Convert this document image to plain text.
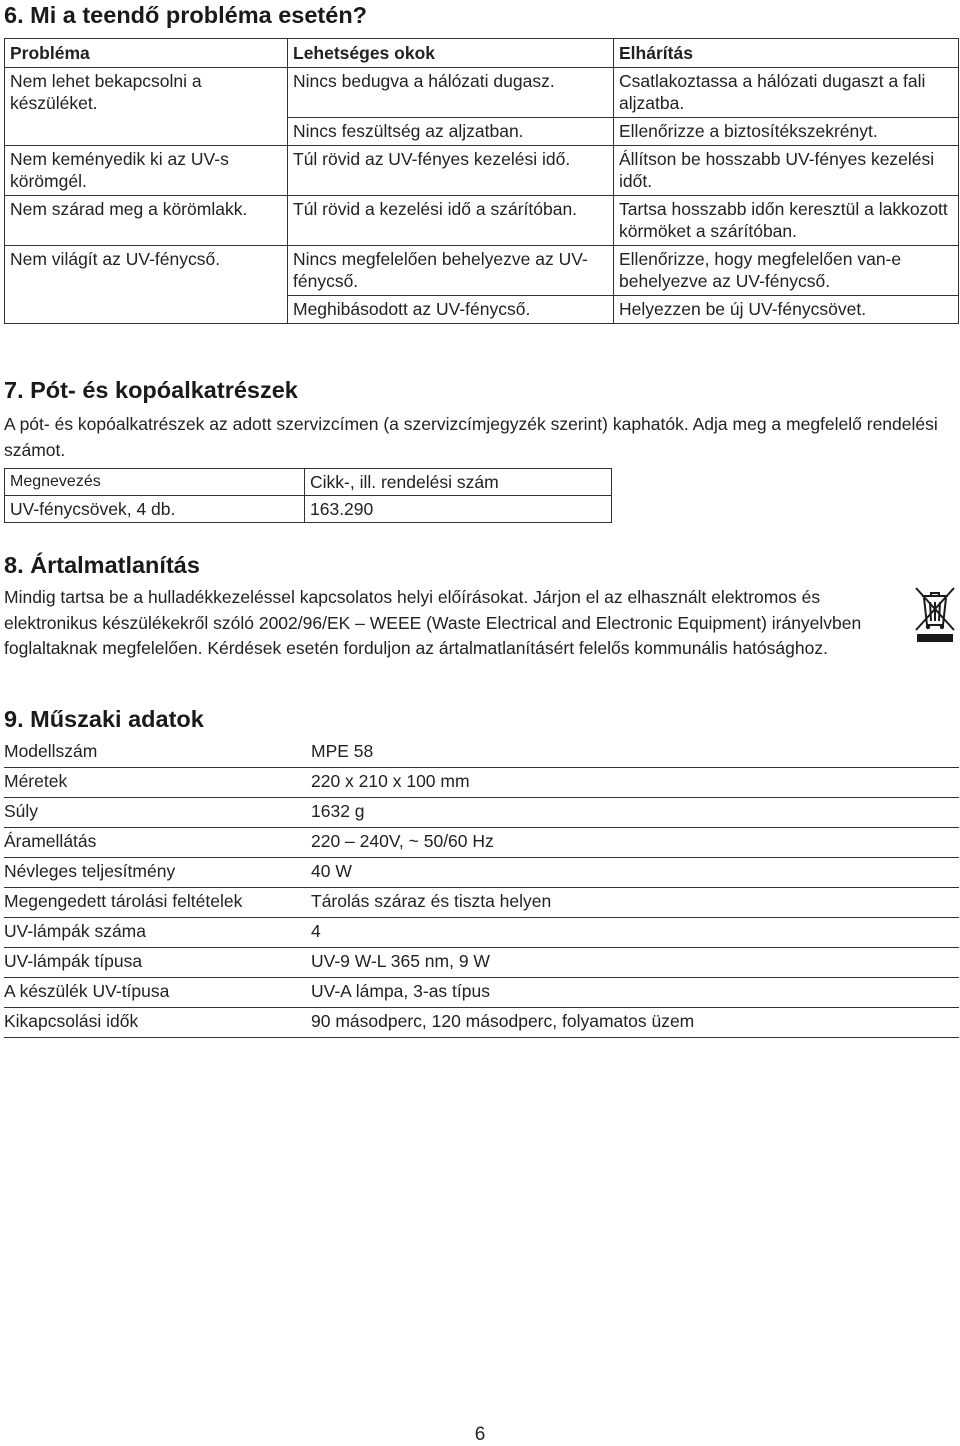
6. Mi a teendő probléma esetén?
Probléma	Lehetséges okok	Elhárítás
Nem lehet bekapcsolni a készüléket.	Nincs bedugva a hálózati dugasz.	Csatlakoztassa a hálózati dugaszt a fali aljzatba.
	Nincs feszültség az aljzatban.	Ellenőrizze a biztosítékszekrényt.
Nem keményedik ki az UV-s körömgél.	Túl rövid az UV-fényes kezelési idő.	Állítson be hosszabb UV-fényes kezelési időt.
Nem szárad meg a körömlakk.	Túl rövid a kezelési idő a szárítóban.	Tartsa hosszabb időn keresztül a lakkozott körmöket a szárítóban.
Nem világít az UV-fénycső.	Nincs megfelelően behelyezve az UV-fénycső.	Ellenőrizze, hogy megfelelően van-e behelyezve az UV-fénycső.
	Meghibásodott az UV-fénycső.	Helyezzen be új UV-fénycsövet.
7. Pót- és kopóalkatrészek

A pót- és kopóalkatrészek az adott szervizcímen (a szervizcímjegyzék szerint) kaphatók. Adja meg a megfelelő rendelési számot.

Megnevezés	Cikk-, ill. rendelési szám
UV-fénycsövek, 4 db.	163.290
8. Ártalmatlanítás

Mindig tartsa be a hulladékkezeléssel kapcsolatos helyi előírásokat. Járjon el az elhasznált elektromos és elektronikus készülékekről szóló 2002/96/EK – WEEE (Waste Electrical and Electronic Equipment) irányelvben foglaltaknak megfelelően. Kérdések esetén forduljon az ártalmatlanításért felelős kommunális hatósághoz.

9. Műszaki adatok
Modellszám	MPE 58
Méretek	220 x 210 x 100 mm
Súly	1632 g
Áramellátás	220 – 240V, ~ 50/60 Hz
Névleges teljesítmény	40 W
Megengedett tárolási feltételek	Tárolás száraz és tiszta helyen
UV-lámpák száma	4
UV-lámpák típusa	UV-9 W-L 365 nm, 9 W
A készülék UV-típusa	UV-A lámpa, 3-as típus
Kikapcsolási idők	90 másodperc, 120 másodperc, folyamatos üzem
6
